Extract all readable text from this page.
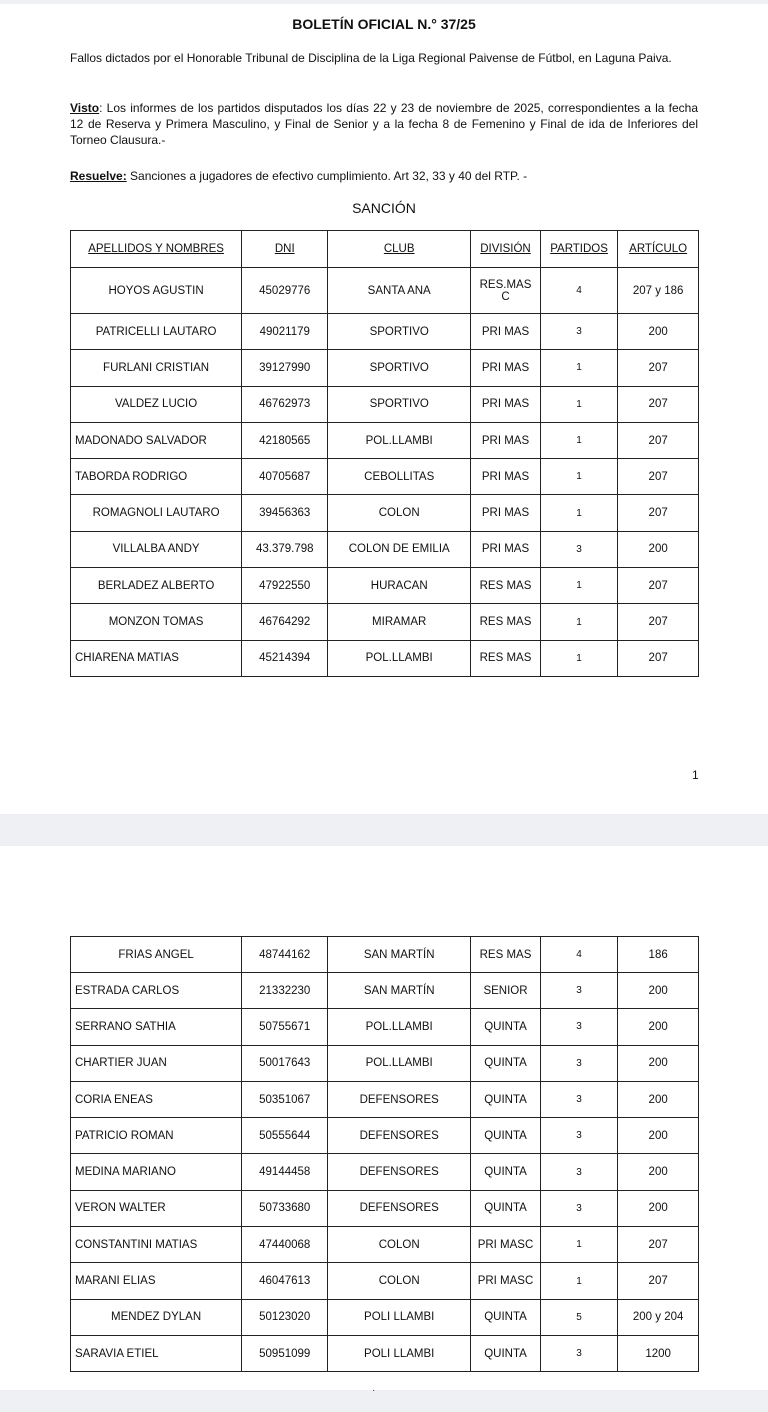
BOLETÍN OFICIAL N.° 37/25
Fallos dictados por el Honorable Tribunal de Disciplina de la Liga Regional Paivense de Fútbol, en Laguna Paiva.
Visto: Los informes de los partidos disputados los días 22 y 23 de noviembre de 2025, correspondientes a la fecha 12 de Reserva y Primera Masculino, y Final de Senior y a la fecha 8 de Femenino y Final de ida de Inferiores del Torneo Clausura.-
Resuelve: Sanciones a jugadores de efectivo cumplimiento. Art 32, 33 y 40 del RTP. -
SANCIÓN
APELLIDOS Y NOMBRES	DNI	CLUB	DIVISIÓN	PARTIDOS	ARTÍCULO
HOYOS AGUSTIN	45029776	SANTA ANA	RES.MAS C	4	207 y 186
PATRICELLI LAUTARO	49021179	SPORTIVO	PRI MAS	3	200
FURLANI CRISTIAN	39127990	SPORTIVO	PRI MAS	1	207
VALDEZ LUCIO	46762973	SPORTIVO	PRI MAS	1	207
MADONADO SALVADOR	42180565	POL.LLAMBI	PRI MAS	1	207
TABORDA RODRIGO	40705687	CEBOLLITAS	PRI MAS	1	207
ROMAGNOLI LAUTARO	39456363	COLON	PRI MAS	1	207
VILLALBA ANDY	43.379.798	COLON DE EMILIA	PRI MAS	3	200
BERLADEZ ALBERTO	47922550	HURACAN	RES MAS	1	207
MONZON TOMAS	46764292	MIRAMAR	RES MAS	1	207
CHIARENA MATIAS	45214394	POL.LLAMBI	RES MAS	1	207
1
FRIAS ANGEL	48744162	SAN MARTÍN	RES MAS	4	186
ESTRADA CARLOS	21332230	SAN MARTÍN	SENIOR	3	200
SERRANO SATHIA	50755671	POL.LLAMBI	QUINTA	3	200
CHARTIER JUAN	50017643	POL.LLAMBI	QUINTA	3	200
CORIA ENEAS	50351067	DEFENSORES	QUINTA	3	200
PATRICIO ROMAN	50555644	DEFENSORES	QUINTA	3	200
MEDINA MARIANO	49144458	DEFENSORES	QUINTA	3	200
VERON WALTER	50733680	DEFENSORES	QUINTA	3	200
CONSTANTINI MATIAS	47440068	COLON	PRI MASC	1	207
MARANI ELIAS	46047613	COLON	PRI MASC	1	207
MENDEZ DYLAN	50123020	POLI LLAMBI	QUINTA	5	200 y 204
SARAVIA ETIEL	50951099	POLI LLAMBI	QUINTA	3	1200
·
